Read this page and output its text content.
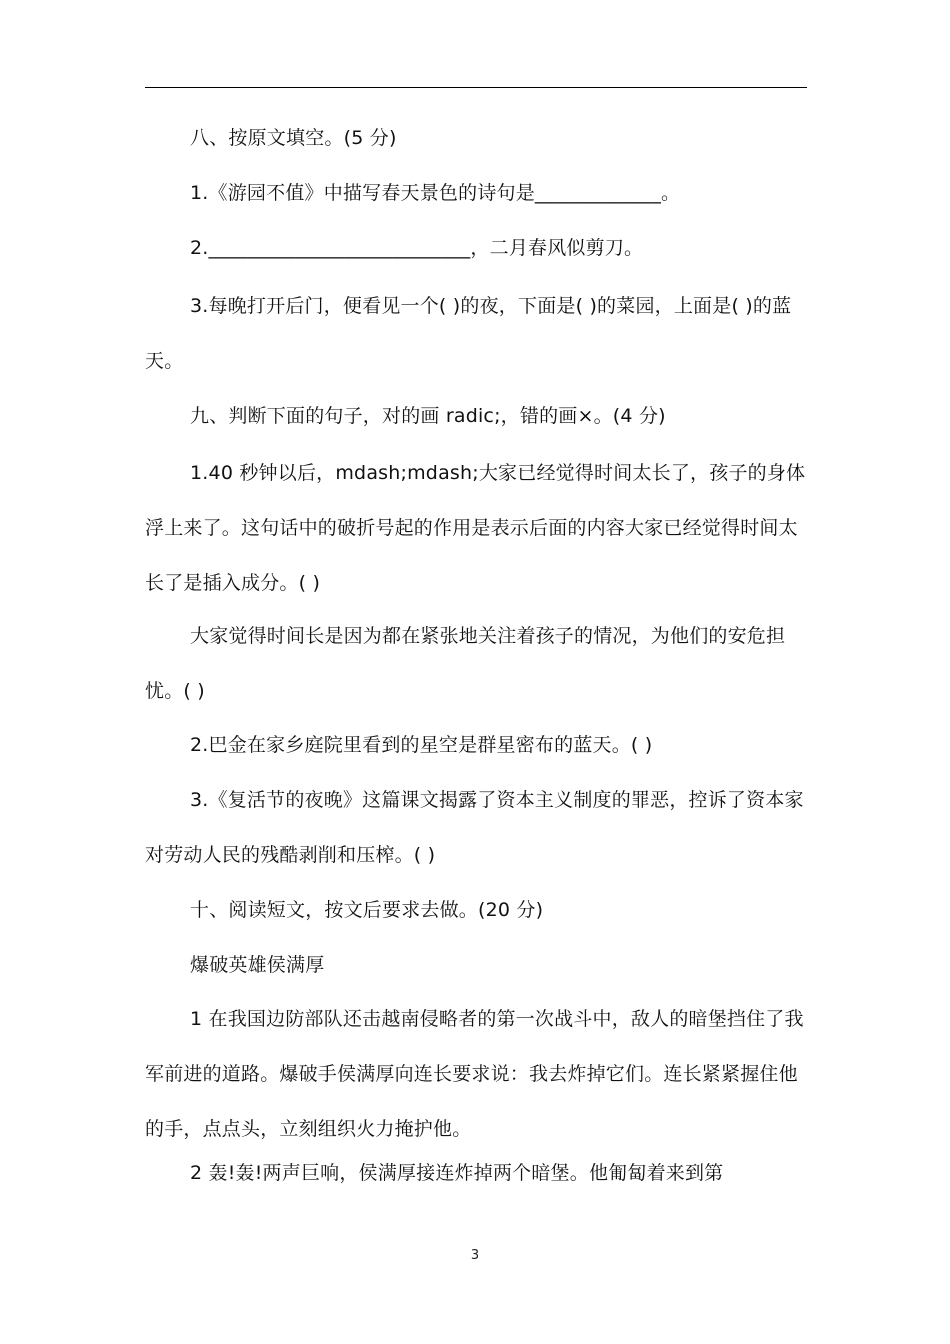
八、按原文填空。(5 分)
1.《游园不值》中描写春天景色的诗句是_____________。
2.___________________________，二月春风似剪刀。
3.每晚打开后门，便看见一个( )的夜，下面是( )的菜园，上面是( )的蓝天。
九、判断下面的句子，对的画 radic;，错的画×。(4 分)
1.40 秒钟以后，mdash;mdash;大家已经觉得时间太长了，孩子的身体浮上来了。这句话中的破折号起的作用是表示后面的内容大家已经觉得时间太长了是插入成分。( )
大家觉得时间长是因为都在紧张地关注着孩子的情况，为他们的安危担忧。( )
2.巴金在家乡庭院里看到的星空是群星密布的蓝天。( )
3.《复活节的夜晚》这篇课文揭露了资本主义制度的罪恶，控诉了资本家对劳动人民的残酷剥削和压榨。( )
十、阅读短文，按文后要求去做。(20 分)
爆破英雄侯满厚
1 在我国边防部队还击越南侵略者的第一次战斗中，敌人的暗堡挡住了我军前进的道路。爆破手侯满厚向连长要求说：我去炸掉它们。连长紧紧握住他的手，点点头，立刻组织火力掩护他。
2 轰!轰!两声巨响，侯满厚接连炸掉两个暗堡。他匍匐着来到第
3
